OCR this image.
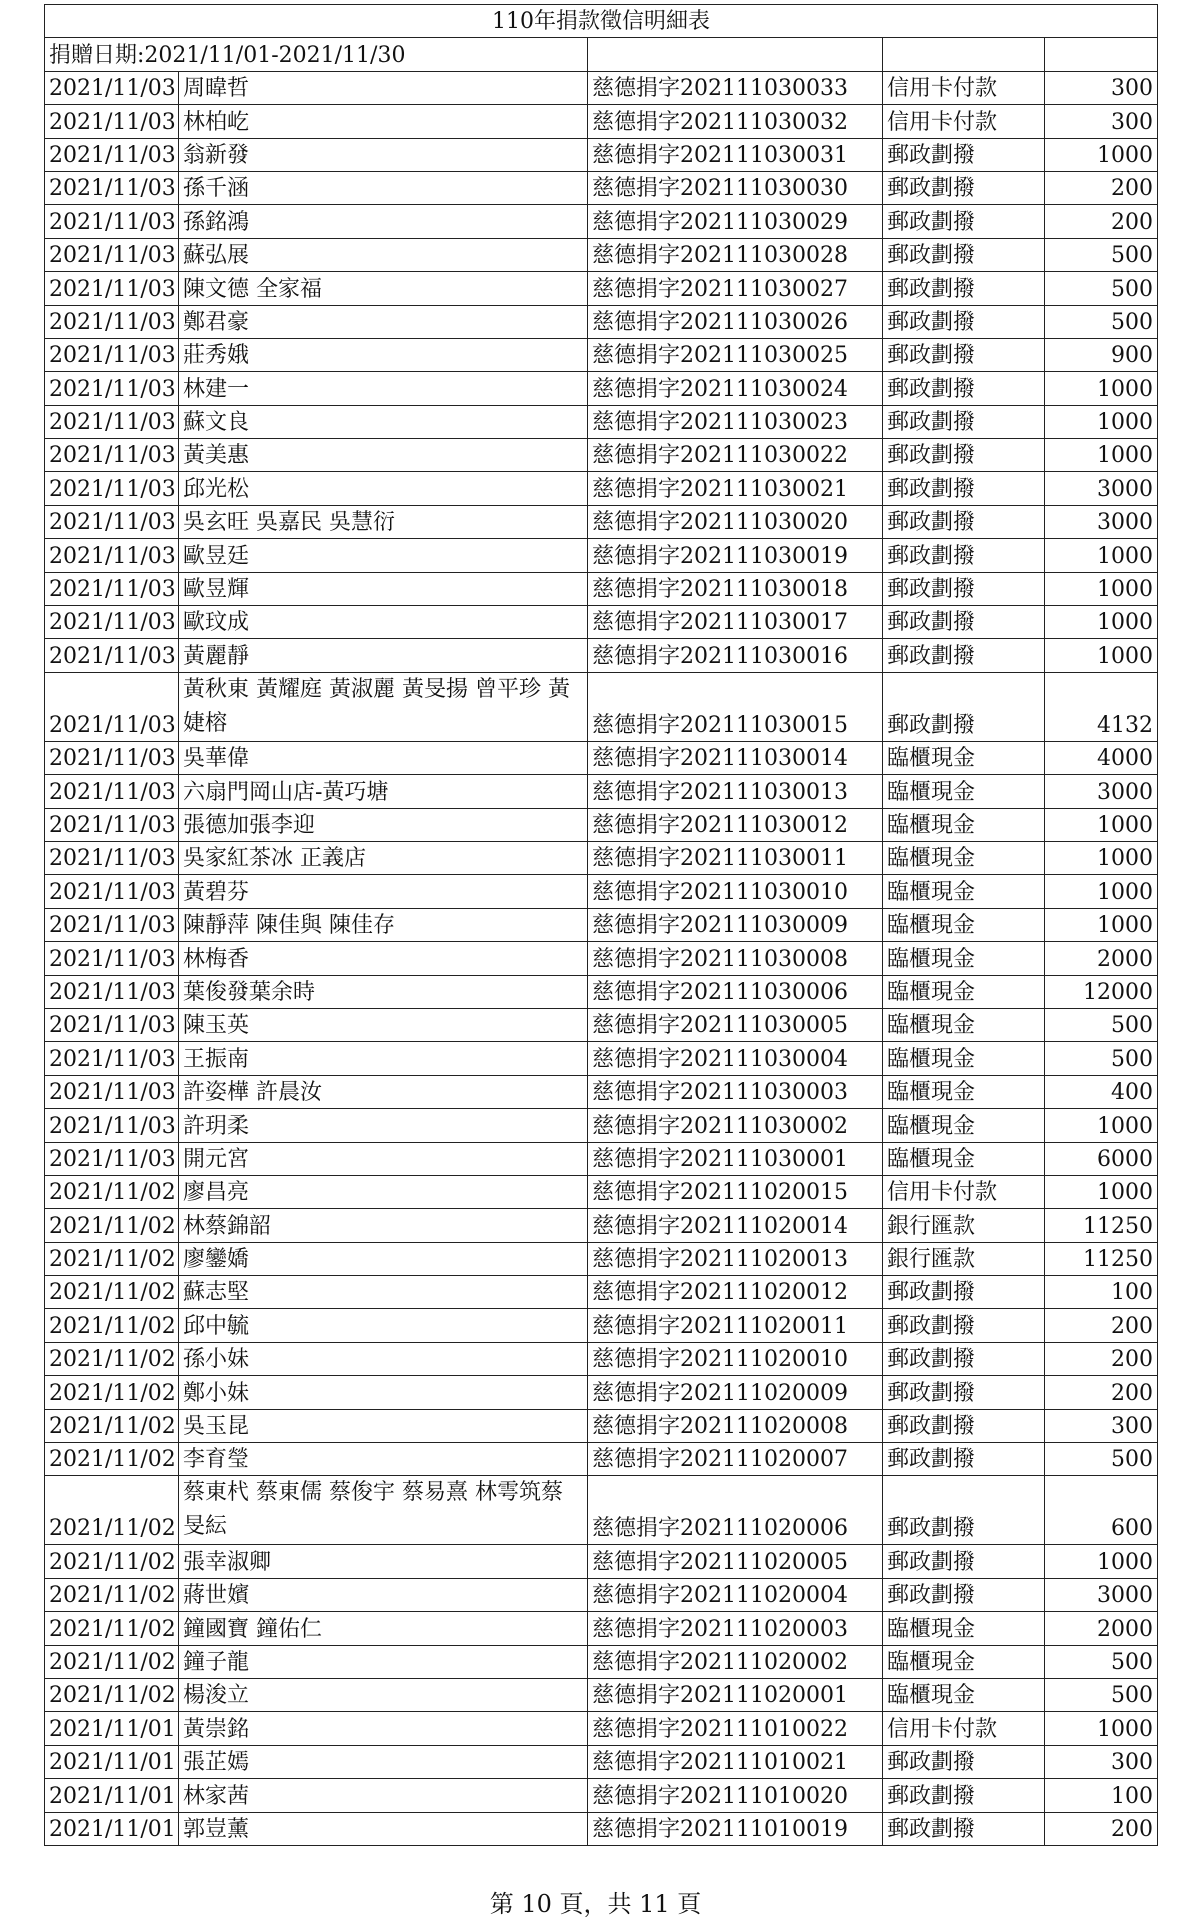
110年捐款徵信明細表				
捐贈日期:2021/11/01-2021/11/30				
2021/11/03	周暐哲	慈德捐字202111030033	信用卡付款	300
2021/11/03	林柏屹	慈德捐字202111030032	信用卡付款	300
2021/11/03	翁新發	慈德捐字202111030031	郵政劃撥	1000
2021/11/03	孫千涵	慈德捐字202111030030	郵政劃撥	200
2021/11/03	孫銘鴻	慈德捐字202111030029	郵政劃撥	200
2021/11/03	蘇弘展	慈德捐字202111030028	郵政劃撥	500
2021/11/03	陳文德 全家福	慈德捐字202111030027	郵政劃撥	500
2021/11/03	鄭君豪	慈德捐字202111030026	郵政劃撥	500
2021/11/03	莊秀娥	慈德捐字202111030025	郵政劃撥	900
2021/11/03	林建一	慈德捐字202111030024	郵政劃撥	1000
2021/11/03	蘇文良	慈德捐字202111030023	郵政劃撥	1000
2021/11/03	黃美惠	慈德捐字202111030022	郵政劃撥	1000
2021/11/03	邱光松	慈德捐字202111030021	郵政劃撥	3000
2021/11/03	吳玄旺 吳嘉民 吳慧衍	慈德捐字202111030020	郵政劃撥	3000
2021/11/03	歐昱廷	慈德捐字202111030019	郵政劃撥	1000
2021/11/03	歐昱輝	慈德捐字202111030018	郵政劃撥	1000
2021/11/03	歐玟成	慈德捐字202111030017	郵政劃撥	1000
2021/11/03	黃麗靜	慈德捐字202111030016	郵政劃撥	1000
2021/11/03	黃秋東 黃耀庭 黃淑麗 黃旻揚 曾平珍 黃婕榕	慈德捐字202111030015	郵政劃撥	4132
2021/11/03	吳華偉	慈德捐字202111030014	臨櫃現金	4000
2021/11/03	六扇門岡山店-黃巧塘	慈德捐字202111030013	臨櫃現金	3000
2021/11/03	張德加張李迎	慈德捐字202111030012	臨櫃現金	1000
2021/11/03	吳家紅茶冰 正義店	慈德捐字202111030011	臨櫃現金	1000
2021/11/03	黃碧芬	慈德捐字202111030010	臨櫃現金	1000
2021/11/03	陳靜萍 陳佳與 陳佳存	慈德捐字202111030009	臨櫃現金	1000
2021/11/03	林梅香	慈德捐字202111030008	臨櫃現金	2000
2021/11/03	葉俊發葉余時	慈德捐字202111030006	臨櫃現金	12000
2021/11/03	陳玉英	慈德捐字202111030005	臨櫃現金	500
2021/11/03	王振南	慈德捐字202111030004	臨櫃現金	500
2021/11/03	許姿樺 許晨汝	慈德捐字202111030003	臨櫃現金	400
2021/11/03	許玥柔	慈德捐字202111030002	臨櫃現金	1000
2021/11/03	開元宮	慈德捐字202111030001	臨櫃現金	6000
2021/11/02	廖昌亮	慈德捐字202111020015	信用卡付款	1000
2021/11/02	林蔡錦韶	慈德捐字202111020014	銀行匯款	11250
2021/11/02	廖鑾嬌	慈德捐字202111020013	銀行匯款	11250
2021/11/02	蘇志堅	慈德捐字202111020012	郵政劃撥	100
2021/11/02	邱中毓	慈德捐字202111020011	郵政劃撥	200
2021/11/02	孫小妹	慈德捐字202111020010	郵政劃撥	200
2021/11/02	鄭小妹	慈德捐字202111020009	郵政劃撥	200
2021/11/02	吳玉昆	慈德捐字202111020008	郵政劃撥	300
2021/11/02	李育瑩	慈德捐字202111020007	郵政劃撥	500
2021/11/02	蔡東杙 蔡東儒 蔡俊宇 蔡易熹 林雩筑蔡旻紜	慈德捐字202111020006	郵政劃撥	600
2021/11/02	張幸淑卿	慈德捐字202111020005	郵政劃撥	1000
2021/11/02	蔣世嬪	慈德捐字202111020004	郵政劃撥	3000
2021/11/02	鐘國寶 鐘佑仁	慈德捐字202111020003	臨櫃現金	2000
2021/11/02	鐘子龍	慈德捐字202111020002	臨櫃現金	500
2021/11/02	楊浚立	慈德捐字202111020001	臨櫃現金	500
2021/11/01	黃崇銘	慈德捐字202111010022	信用卡付款	1000
2021/11/01	張芷嫣	慈德捐字202111010021	郵政劃撥	300
2021/11/01	林家茜	慈德捐字202111010020	郵政劃撥	100
2021/11/01	郭豈薰	慈德捐字202111010019	郵政劃撥	200
第 10 頁，共 11 頁
